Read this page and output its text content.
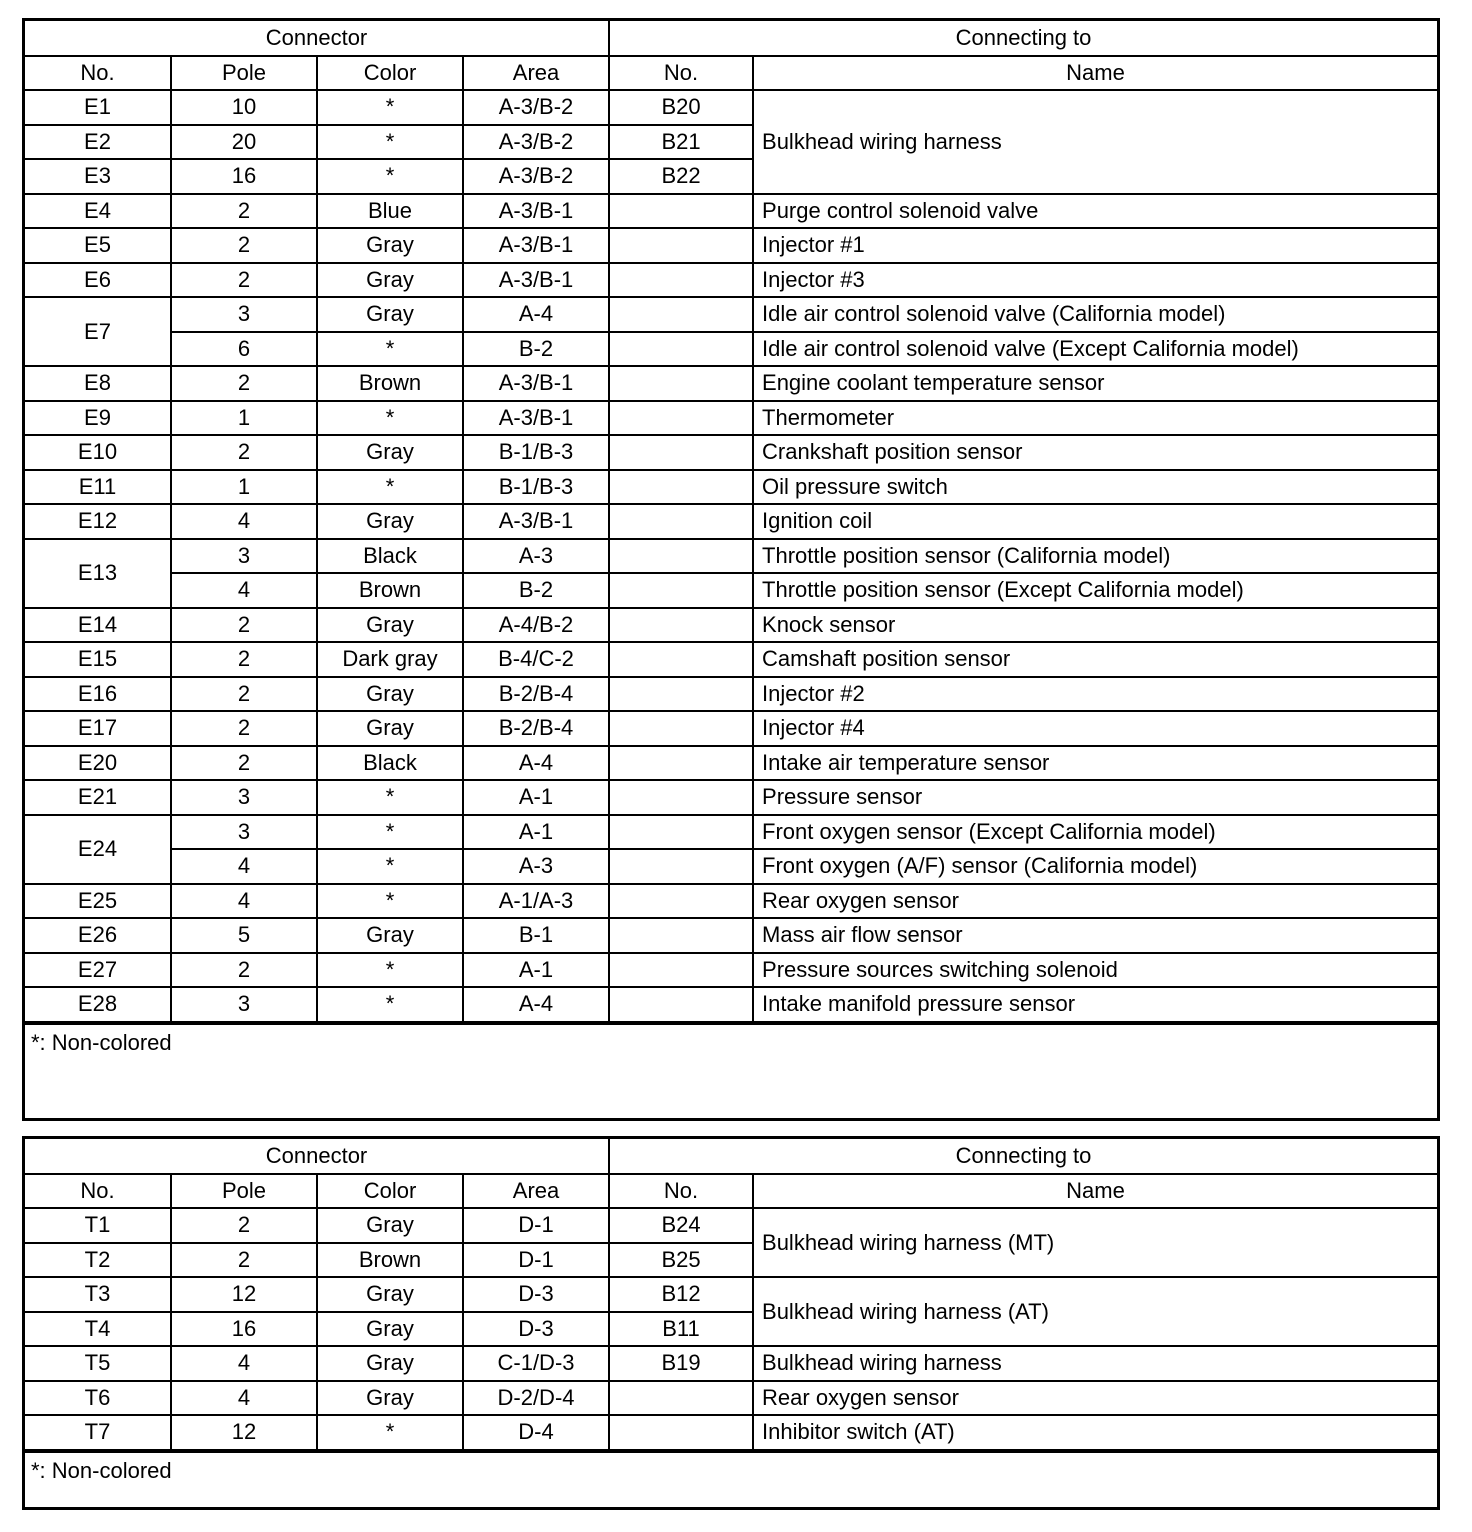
Connector				Connecting to	
No.	Pole	Color	Area	No.	Name
E1	10	*	A-3/B-2	B20	Bulkhead wiring harness
E2	20	*	A-3/B-2	B21	
E3	16	*	A-3/B-2	B22	
E4	2	Blue	A-3/B-1		Purge control solenoid valve
E5	2	Gray	A-3/B-1		Injector #1
E6	2	Gray	A-3/B-1		Injector #3
E7	3	Gray	A-4		Idle air control solenoid valve (California model)
	6	*	B-2		Idle air control solenoid valve (Except California model)
E8	2	Brown	A-3/B-1		Engine coolant temperature sensor
E9	1	*	A-3/B-1		Thermometer
E10	2	Gray	B-1/B-3		Crankshaft position sensor
E11	1	*	B-1/B-3		Oil pressure switch
E12	4	Gray	A-3/B-1		Ignition coil
E13	3	Black	A-3		Throttle position sensor (California model)
	4	Brown	B-2		Throttle position sensor (Except California model)
E14	2	Gray	A-4/B-2		Knock sensor
E15	2	Dark gray	B-4/C-2		Camshaft position sensor
E16	2	Gray	B-2/B-4		Injector #2
E17	2	Gray	B-2/B-4		Injector #4
E20	2	Black	A-4		Intake air temperature sensor
E21	3	*	A-1		Pressure sensor
E24	3	*	A-1		Front oxygen sensor (Except California model)
	4	*	A-3		Front oxygen (A/F) sensor (California model)
E25	4	*	A-1/A-3		Rear oxygen sensor
E26	5	Gray	B-1		Mass air flow sensor
E27	2	*	A-1		Pressure sources switching solenoid
E28	3	*	A-4		Intake manifold pressure sensor
*: Non-colored
Connector				Connecting to	
No.	Pole	Color	Area	No.	Name
T1	2	Gray	D-1	B24	Bulkhead wiring harness (MT)
T2	2	Brown	D-1	B25	
T3	12	Gray	D-3	B12	Bulkhead wiring harness (AT)
T4	16	Gray	D-3	B11	
T5	4	Gray	C-1/D-3	B19	Bulkhead wiring harness
T6	4	Gray	D-2/D-4		Rear oxygen sensor
T7	12	*	D-4		Inhibitor switch (AT)
*: Non-colored
